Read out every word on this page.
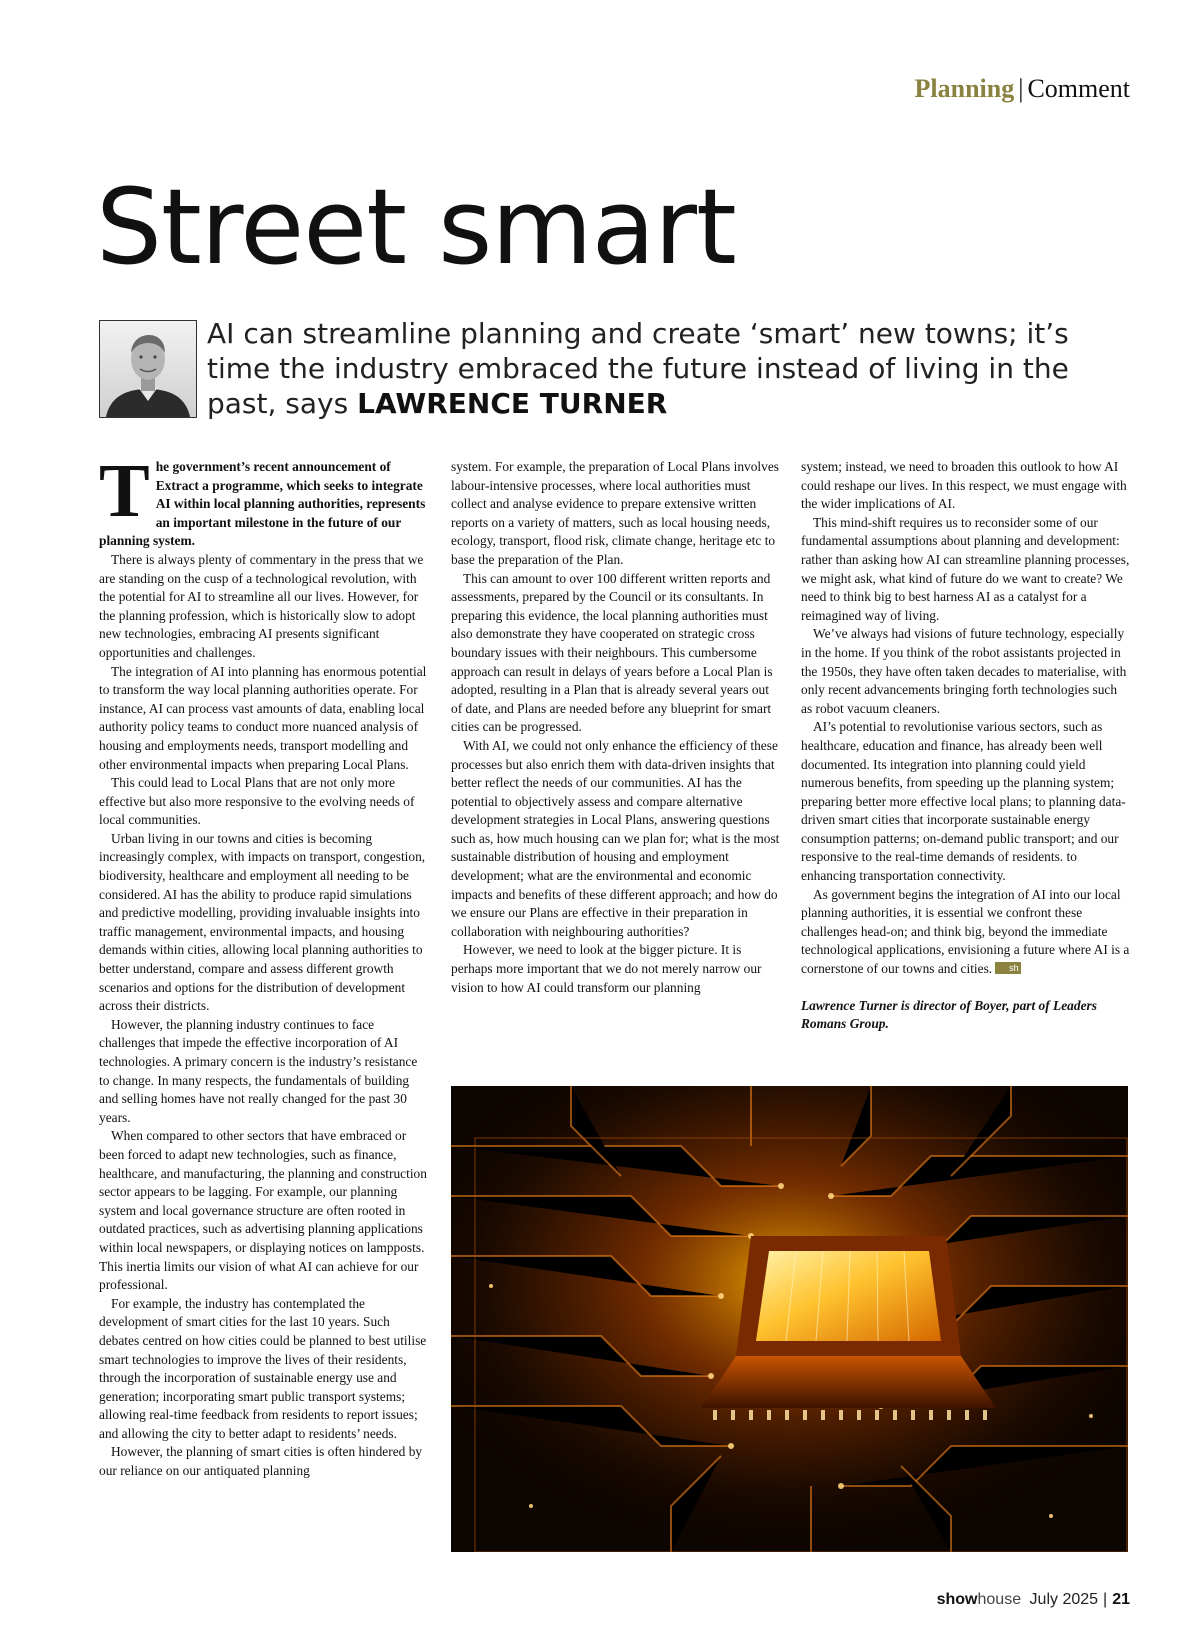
Planning | Comment
Street smart

AI can streamline planning and create ‘smart’ new towns; it’s time the industry embraced the future instead of living in the past, says LAWRENCE TURNER

The government’s recent announcement of Extract a programme, which seeks to integrate AI within local planning authorities, represents an important milestone in the future of our planning system.

There is always plenty of commentary in the press that we are standing on the cusp of a technological revolution, with the potential for AI to streamline all our lives. However, for the planning profession, which is historically slow to adopt new technologies, embracing AI presents significant opportunities and challenges.

The integration of AI into planning has enormous potential to transform the way local planning authorities operate. For instance, AI can process vast amounts of data, enabling local authority policy teams to conduct more nuanced analysis of housing and employments needs, transport modelling and other environmental impacts when preparing Local Plans.

This could lead to Local Plans that are not only more effective but also more responsive to the evolving needs of local communities.

Urban living in our towns and cities is becoming increasingly complex, with impacts on transport, congestion, biodiversity, healthcare and employment all needing to be considered. AI has the ability to produce rapid simulations and predictive modelling, providing invaluable insights into traffic management, environmental impacts, and housing demands within cities, allowing local planning authorities to better understand, compare and assess different growth scenarios and options for the distribution of development across their districts.

However, the planning industry continues to face challenges that impede the effective incorporation of AI technologies. A primary concern is the industry’s resistance to change. In many respects, the fundamentals of building and selling homes have not really changed for the past 30 years.

When compared to other sectors that have embraced or been forced to adapt new technologies, such as finance, healthcare, and manufacturing, the planning and construction sector appears to be lagging. For example, our planning system and local governance structure are often rooted in outdated practices, such as advertising planning applications within local newspapers, or displaying notices on lampposts. This inertia limits our vision of what AI can achieve for our professional.

For example, the industry has contemplated the development of smart cities for the last 10 years. Such debates centred on how cities could be planned to best utilise smart technologies to improve the lives of their residents, through the incorporation of sustainable energy use and generation; incorporating smart public transport systems; allowing real-time feedback from residents to report issues; and allowing the city to better adapt to residents’ needs.

However, the planning of smart cities is often hindered by our reliance on our antiquated planning

system. For example, the preparation of Local Plans involves labour-intensive processes, where local authorities must collect and analyse evidence to prepare extensive written reports on a variety of matters, such as local housing needs, ecology, transport, flood risk, climate change, heritage etc to base the preparation of the Plan.

This can amount to over 100 different written reports and assessments, prepared by the Council or its consultants. In preparing this evidence, the local planning authorities must also demonstrate they have cooperated on strategic cross boundary issues with their neighbours. This cumbersome approach can result in delays of years before a Local Plan is adopted, resulting in a Plan that is already several years out of date, and Plans are needed before any blueprint for smart cities can be progressed.

With AI, we could not only enhance the efficiency of these processes but also enrich them with data-driven insights that better reflect the needs of our communities. AI has the potential to objectively assess and compare alternative development strategies in Local Plans, answering questions such as, how much housing can we plan for; what is the most sustainable distribution of housing and employment development; what are the environmental and economic impacts and benefits of these different approach; and how do we ensure our Plans are effective in their preparation in collaboration with neighbouring authorities?

However, we need to look at the bigger picture. It is perhaps more important that we do not merely narrow our vision to how AI could transform our planning

system; instead, we need to broaden this outlook to how AI could reshape our lives. In this respect, we must engage with the wider implications of AI.

This mind-shift requires us to reconsider some of our fundamental assumptions about planning and development: rather than asking how AI can streamline planning processes, we might ask, what kind of future do we want to create? We need to think big to best harness AI as a catalyst for a reimagined way of living.

We’ve always had visions of future technology, especially in the home. If you think of the robot assistants projected in the 1950s, they have often taken decades to materialise, with only recent advancements bringing forth technologies such as robot vacuum cleaners.

AI’s potential to revolutionise various sectors, such as healthcare, education and finance, has already been well documented. Its integration into planning could yield numerous benefits, from speeding up the planning system; preparing better more effective local plans; to planning data-driven smart cities that incorporate sustainable energy consumption patterns; on-demand public transport; and our responsive to the real-time demands of residents. to enhancing transportation connectivity.

As government begins the integration of AI into our local planning authorities, it is essential we confront these challenges head-on; and think big, beyond the immediate technological applications, envisioning a future where AI is a cornerstone of our towns and cities. sh

Lawrence Turner is director of Boyer, part of Leaders Romans Group.

showhouse July 2025 | 21
